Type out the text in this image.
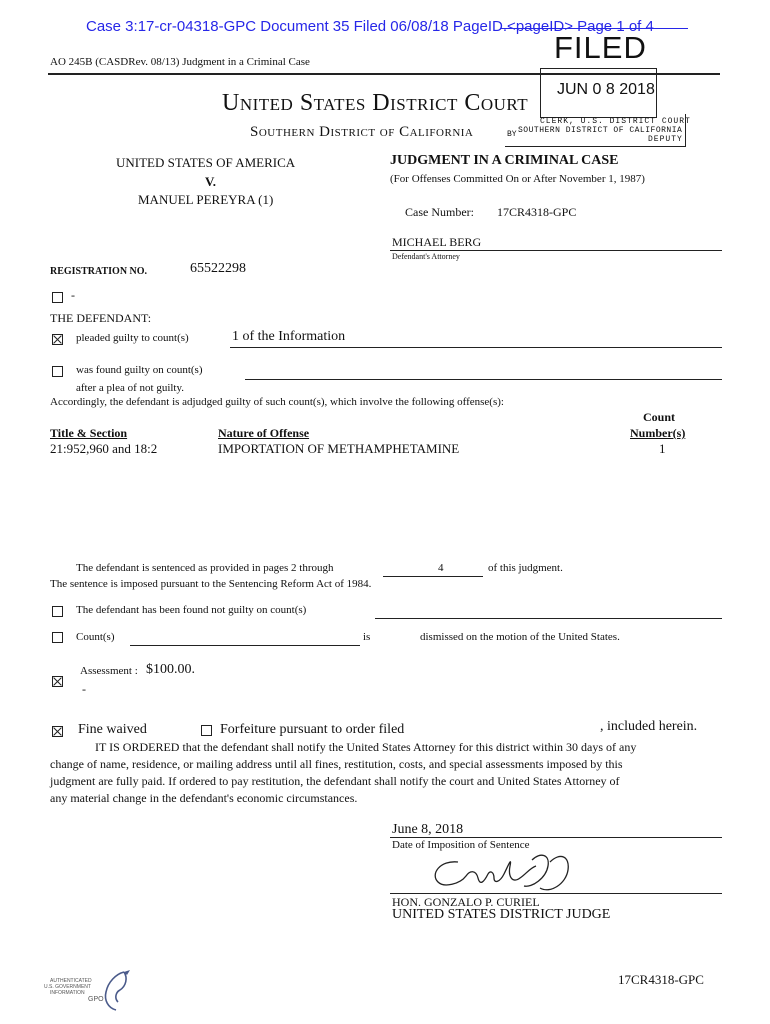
Case 3:17-cr-04318-GPC Document 35 Filed 06/08/18 PageID.<pageID> Page 1 of 4
AO 245B (CASDRev. 08/13) Judgment in a Criminal Case	FILED
JUN 0 8 2018
CLERK, U.S. DISTRICT COURT
SOUTHERN DISTRICT OF CALIFORNIA
BY
DEPUTY
United States District Court
Southern District of California
UNITED STATES OF AMERICA
V.
MANUEL PEREYRA (1)
JUDGMENT IN A CRIMINAL CASE
(For Offenses Committed On or After November 1, 1987)
Case Number: 17CR4318-GPC
MICHAEL BERG
Defendant's Attorney
REGISTRATION NO.	65522298
-
THE DEFENDANT:
pleaded guilty to count(s)	1 of the Information
was found guilty on count(s)
after a plea of not guilty.
Accordingly, the defendant is adjudged guilty of such count(s), which involve the following offense(s):
Count
Title & Section	Nature of Offense	Number(s)
21:952,960 and 18:2	IMPORTATION OF METHAMPHETAMINE	1
The defendant is sentenced as provided in pages 2 through	4	of this judgment.
The sentence is imposed pursuant to the Sentencing Reform Act of 1984.
The defendant has been found not guilty on count(s)
Count(s)	is	dismissed on the motion of the United States.
Assessment : $100.00.
-
Fine waived	Forfeiture pursuant to order filed	, included herein.
IT IS ORDERED that the defendant shall notify the United States Attorney for this district within 30 days of any
change of name, residence, or mailing address until all fines, restitution, costs, and special assessments imposed by this
judgment are fully paid. If ordered to pay restitution, the defendant shall notify the court and United States Attorney of
any material change in the defendant's economic circumstances.
June 8, 2018
Date of Imposition of Sentence
HON. GONZALO P. CURIEL
UNITED STATES DISTRICT JUDGE
AUTHENTICATED
U.S. GOVERNMENT
INFORMATION
GPO
17CR4318-GPC
